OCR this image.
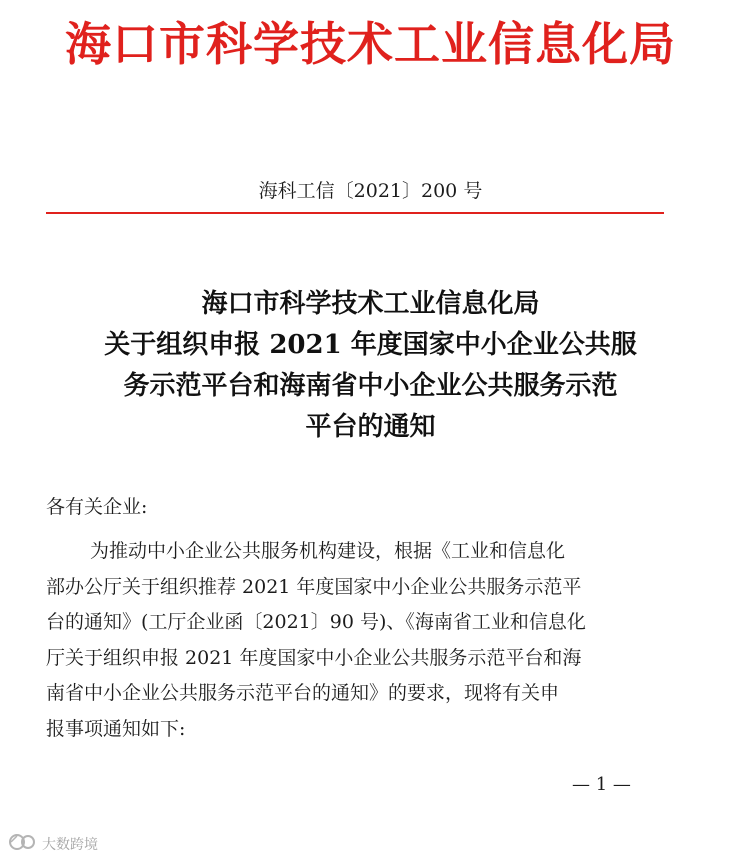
海口市科学技术工业信息化局
海科工信〔2021〕200 号
海口市科学技术工业信息化局
关于组织申报 2021 年度国家中小企业公共服
务示范平台和海南省中小企业公共服务示范
平台的通知
各有关企业:
为推动中小企业公共服务机构建设，根据《工业和信息化
部办公厅关于组织推荐 2021 年度国家中小企业公共服务示范平
台的通知》(工厅企业函〔2021〕90 号)、《海南省工业和信息化
厅关于组织申报 2021 年度国家中小企业公共服务示范平台和海
南省中小企业公共服务示范平台的通知》的要求，现将有关申
报事项通知如下:
— 1 —
大数跨境
